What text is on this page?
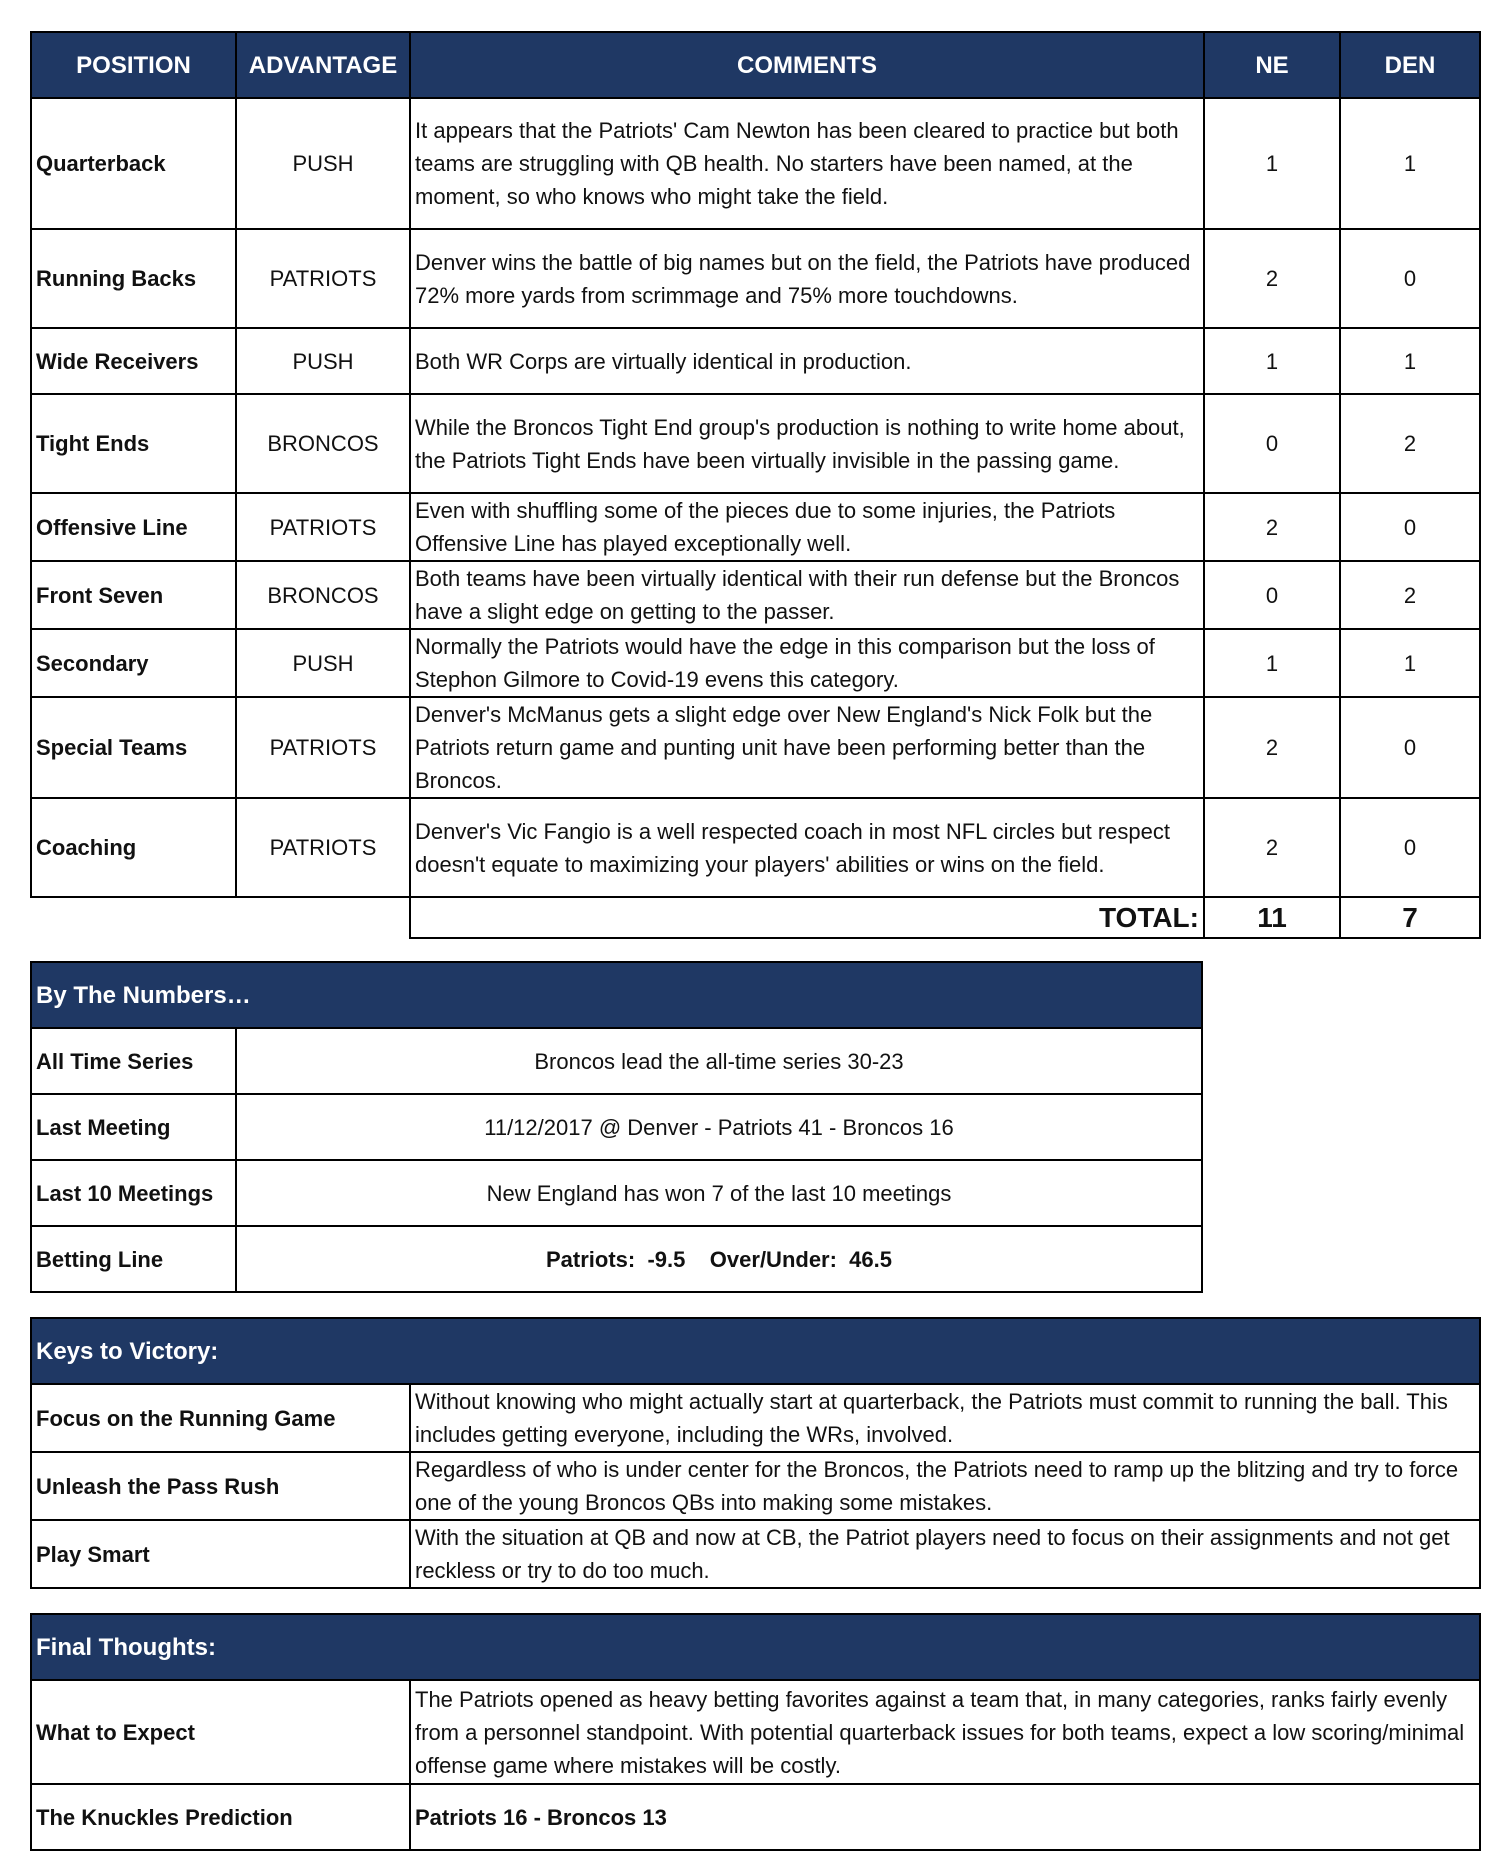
POSITION	ADVANTAGE	COMMENTS	NE	DEN
Quarterback	PUSH	It appears that the Patriots' Cam Newton has been cleared to practice but both teams are struggling with QB health. No starters have been named, at the moment, so who knows who might take the field.	1	1
Running Backs	PATRIOTS	Denver wins the battle of big names but on the field, the Patriots have produced 72% more yards from scrimmage and 75% more touchdowns.	2	0
Wide Receivers	PUSH	Both WR Corps are virtually identical in production.	1	1
Tight Ends	BRONCOS	While the Broncos Tight End group's production is nothing to write home about, the Patriots Tight Ends have been virtually invisible in the passing game.	0	2
Offensive Line	PATRIOTS	Even with shuffling some of the pieces due to some injuries, the Patriots Offensive Line has played exceptionally well.	2	0
Front Seven	BRONCOS	Both teams have been virtually identical with their run defense but the Broncos have a slight edge on getting to the passer.	0	2
Secondary	PUSH	Normally the Patriots would have the edge in this comparison but the loss of Stephon Gilmore to Covid-19 evens this category.	1	1
Special Teams	PATRIOTS	Denver's McManus gets a slight edge over New England's Nick Folk but the Patriots return game and punting unit have been performing better than the Broncos.	2	0
Coaching	PATRIOTS	Denver's Vic Fangio is a well respected coach in most NFL circles but respect doesn't equate to maximizing your players' abilities or wins on the field.	2	0
		TOTAL:	11	7
By The Numbers…	
All Time Series	Broncos lead the all-time series 30-23
Last Meeting	11/12/2017 @ Denver - Patriots 41 - Broncos 16
Last 10 Meetings	New England has won 7 of the last 10 meetings
Betting Line	Patriots:  -9.5    Over/Under:  46.5
Keys to Victory:	
Focus on the Running Game	Without knowing who might actually start at quarterback, the Patriots must commit to running the ball. This includes getting everyone, including the WRs, involved.
Unleash the Pass Rush	Regardless of who is under center for the Broncos, the Patriots need to ramp up the blitzing and try to force one of the young Broncos QBs into making some mistakes.
Play Smart	With the situation at QB and now at CB, the Patriot players need to focus on their assignments and not get reckless or try to do too much.
Final Thoughts:	
What to Expect	The Patriots opened as heavy betting favorites against a team that, in many categories, ranks fairly evenly from a personnel standpoint. With potential quarterback issues for both teams, expect a low scoring/minimal offense game where mistakes will be costly.
The Knuckles Prediction	Patriots 16 - Broncos 13
